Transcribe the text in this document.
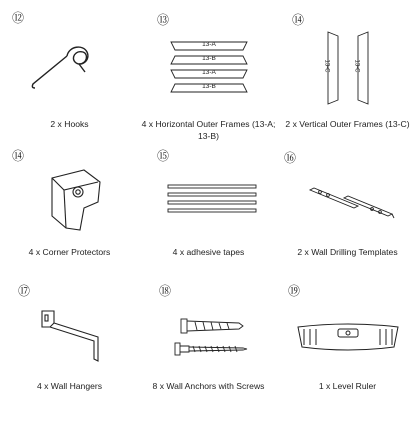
⑫
2 x Hooks
⑬
13-A
13-B
13-A
13-B
4 x Horizontal Outer Frames (13-A; 13-B)
⑭
13-C	13-C
2 x Vertical Outer Frames (13-C)
⑭
4 x Corner Protectors
⑮
4 x adhesive tapes
⑯
2 x Wall Drilling Templates
⑰
4 x Wall Hangers
⑱
8 x Wall Anchors with Screws
⑲
1 x Level Ruler
